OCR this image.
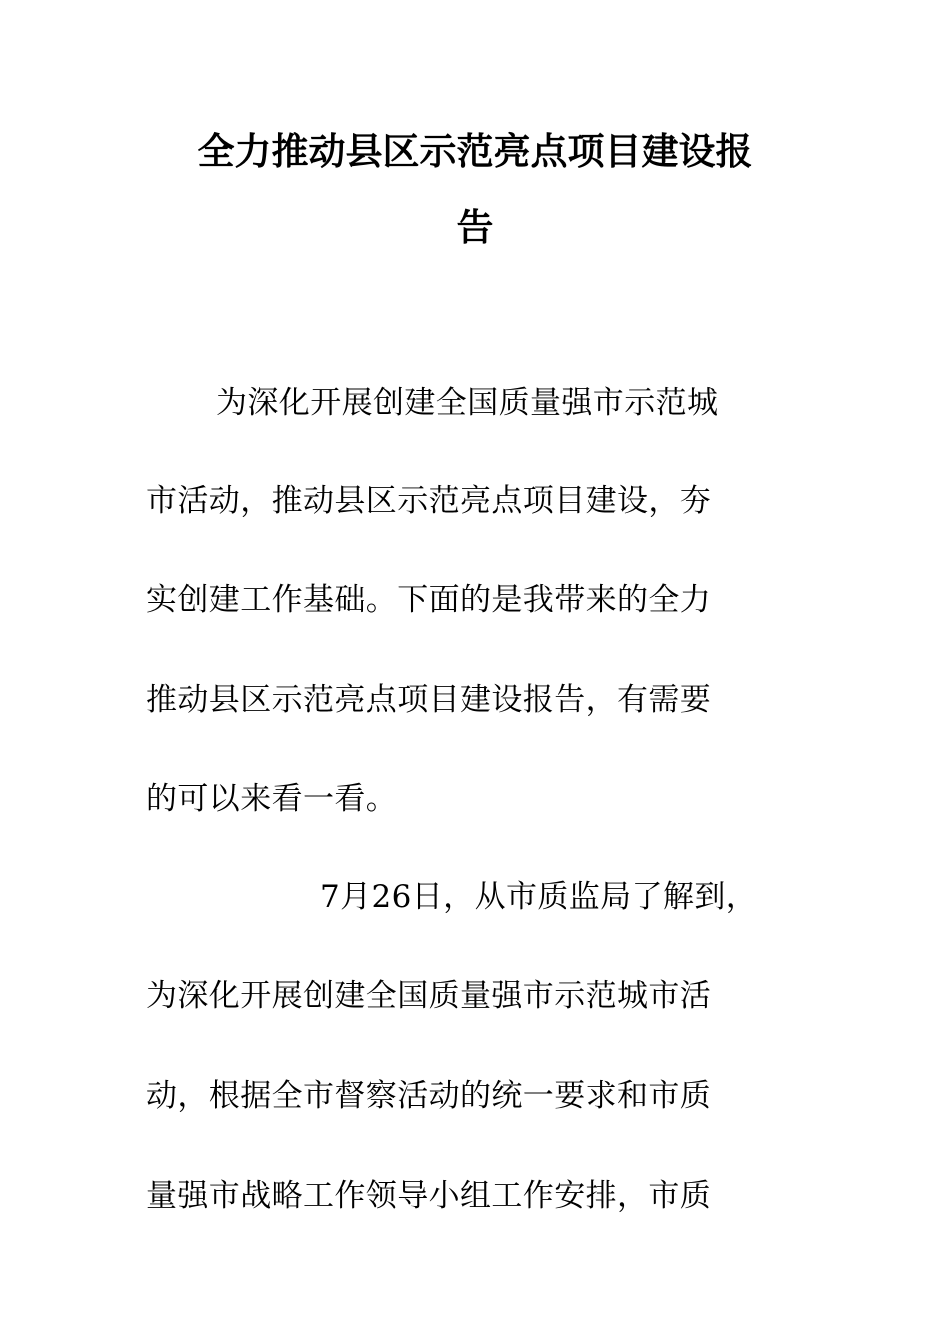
全力推动县区示范亮点项目建设报
告
为深化开展创建全国质量强市示范城
市活动，推动县区示范亮点项目建设，夯
实创建工作基础。下面的是我带来的全力
推动县区示范亮点项目建设报告，有需要
的可以来看一看。
7月26日，从市质监局了解到，
为深化开展创建全国质量强市示范城市活
动，根据全市督察活动的统一要求和市质
量强市战略工作领导小组工作安排，市质
